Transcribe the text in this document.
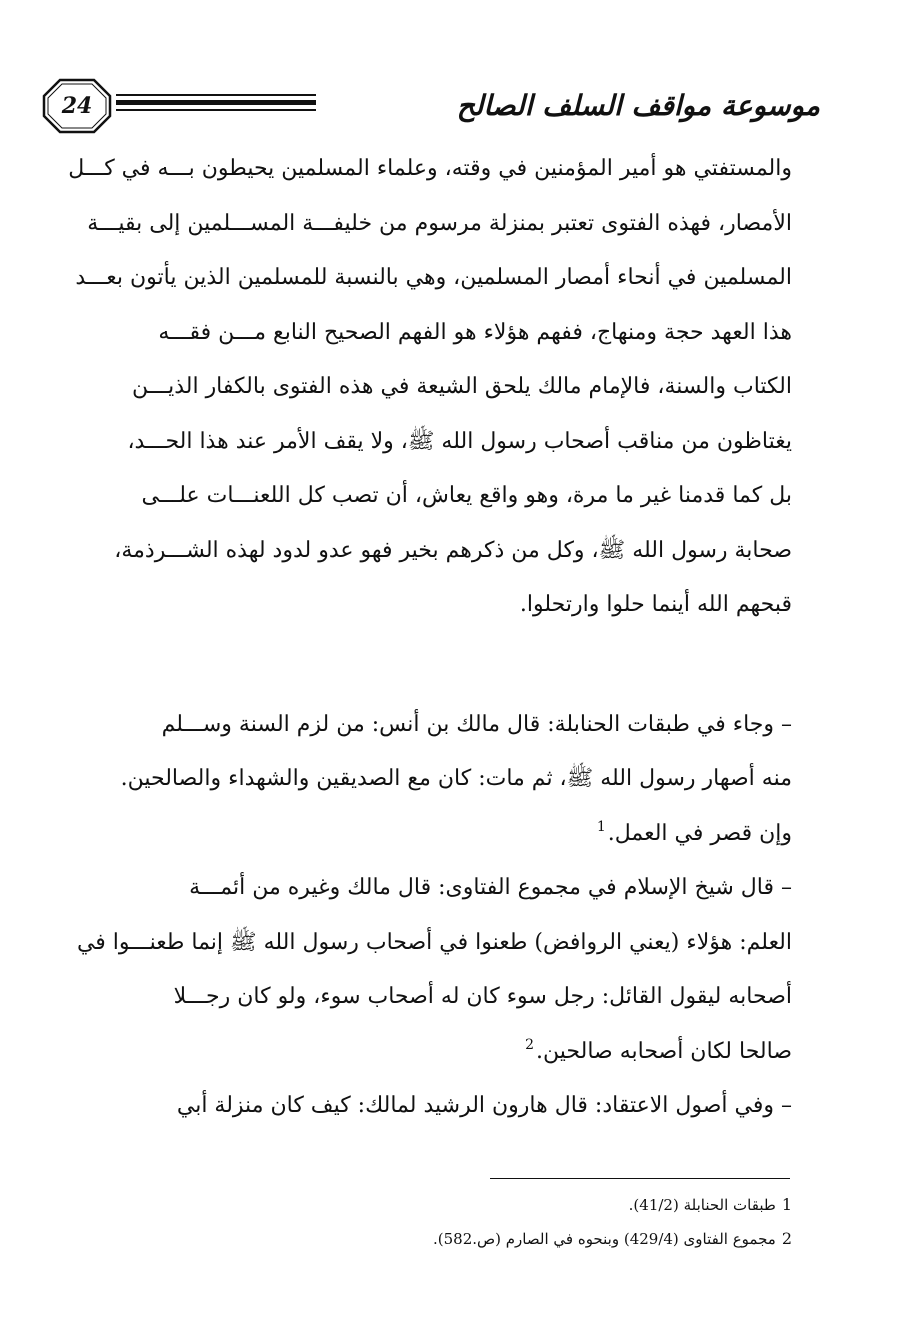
24	موسوعة مواقف السلف الصالح

والمستفتي هو أمير المؤمنين في وقته، وعلماء المسلمين يحيطون بـــه في كـــل

الأمصار، فهذه الفتوى تعتبر بمنزلة مرسوم من خليفـــة المســـلمين إلى بقيـــة

المسلمين في أنحاء أمصار المسلمين، وهي بالنسبة للمسلمين الذين يأتون بعـــد

هذا العهد حجة ومنهاج، ففهم هؤلاء هو الفهم الصحيح النابع مـــن فقـــه

الكتاب والسنة، فالإمام مالك يلحق الشيعة في هذه الفتوى بالكفار الذيـــن

يغتاظون من مناقب أصحاب رسول الله ﷺ، ولا يقف الأمر عند هذا الحـــد،

بل كما قدمنا غير ما مرة، وهو واقع يعاش، أن تصب كل اللعنـــات علـــى

صحابة رسول الله ﷺ، وكل من ذكرهم بخير فهو عدو لدود لهذه الشـــرذمة،

قبحهم الله أينما حلوا وارتحلوا.

– وجاء في طبقات الحنابلة: قال مالك بن أنس: من لزم السنة وســـلم

منه أصهار رسول الله ﷺ، ثم مات: كان مع الصديقين والشهداء والصالحين.

وإن قصر في العمل.$^1$

– قال شيخ الإسلام في مجموع الفتاوى: قال مالك وغيره من أئمـــة

العلم: هؤلاء (يعني الروافض) طعنوا في أصحاب رسول الله ﷺ إنما طعنـــوا في

أصحابه ليقول القائل: رجل سوء كان له أصحاب سوء، ولو كان رجـــلا

صالحا لكان أصحابه صالحين.$^2$

– وفي أصول الاعتقاد: قال هارون الرشيد لمالك: كيف كان منزلة أبي

1طبقات الحنابلة (41/2).

2مجموع الفتاوى (429/4) وبنحوه في الصارم (ص.582).
